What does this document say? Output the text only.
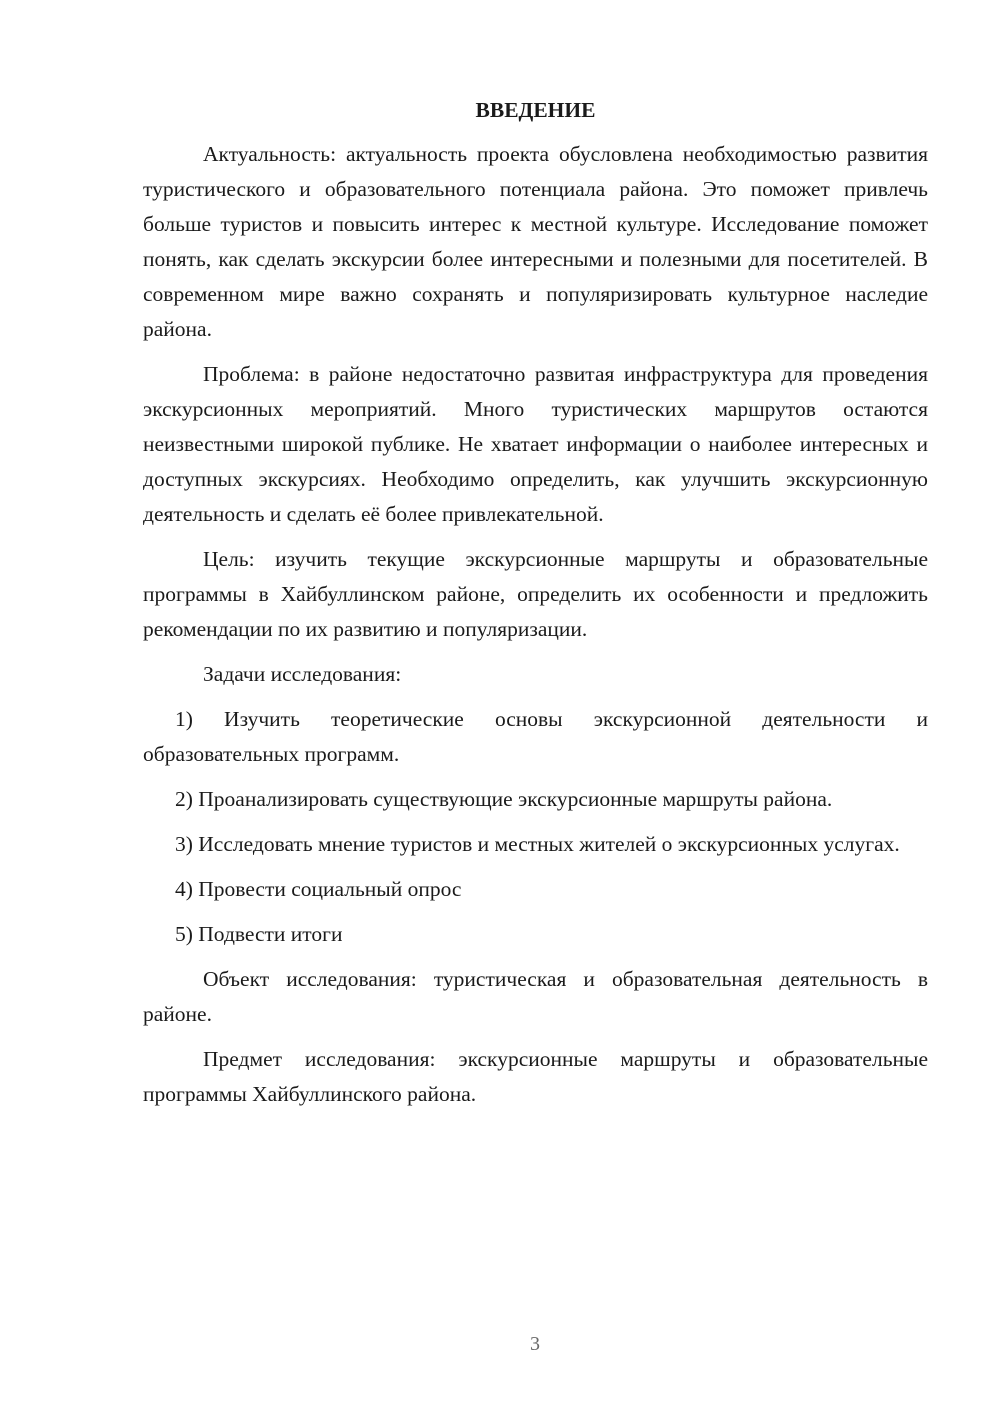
ВВЕДЕНИЕ

Актуальность: актуальность проекта обусловлена необходимостью развития туристического и образовательного потенциала района. Это поможет привлечь больше туристов и повысить интерес к местной культуре. Исследование поможет понять, как сделать экскурсии более интересными и полезными для посетителей. В современном мире важно сохранять и популяризировать культурное наследие района.

Проблема: в районе недостаточно развитая инфраструктура для проведения экскурсионных мероприятий. Много туристических маршрутов остаются неизвестными широкой публике. Не хватает информации о наиболее интересных и доступных экскурсиях. Необходимо определить, как улучшить экскурсионную деятельность и сделать её более привлекательной.

Цель: изучить текущие экскурсионные маршруты и образовательные программы в Хайбуллинском районе, определить их особенности и предложить рекомендации по их развитию и популяризации.

Задачи исследования:

1) Изучить теоретические основы экскурсионной деятельности и образовательных программ.

2) Проанализировать существующие экскурсионные маршруты района.

3) Исследовать мнение туристов и местных жителей о экскурсионных услугах.

4) Провести социальный опрос

5) Подвести итоги

Объект исследования: туристическая и образовательная деятельность в районе.

Предмет исследования: экскурсионные маршруты и образовательные программы Хайбуллинского района.

3
